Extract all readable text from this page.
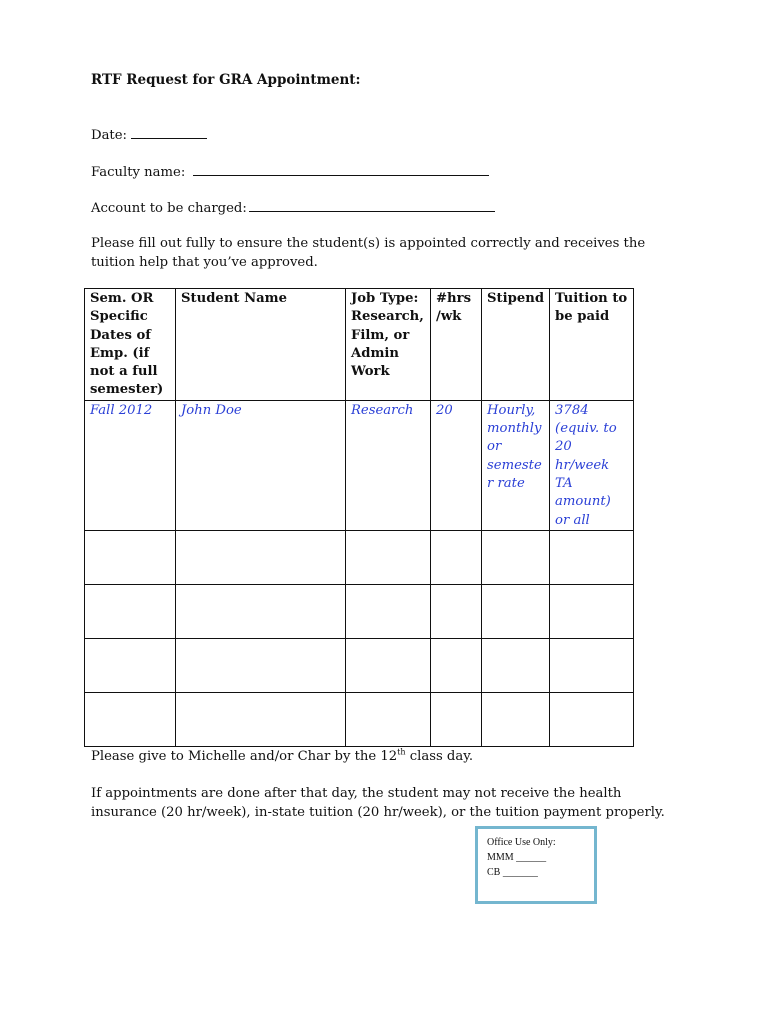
RTF Request for GRA Appointment:
Date:
Faculty name:
Account to be charged:
Please fill out fully to ensure the student(s) is appointed correctly and receives the tuition help that you’ve approved.
Sem. OR Specific Dates of Emp. (if not a full semester)	Student Name	Job Type: Research, Film, or Admin Work	#hrs /wk	Stipend	Tuition to be paid
Fall 2012	John Doe	Research	20	Hourly, monthly or semeste r rate	3784 (equiv. to 20 hr/week TA amount) or all

Please give to Michelle and/or Char by the 12th class day.
If appointments are done after that day, the student may not receive the health insurance (20 hr/week), in-state tuition (20 hr/week), or the tuition payment properly.
Office Use Only:
MMM ______
CB _______
